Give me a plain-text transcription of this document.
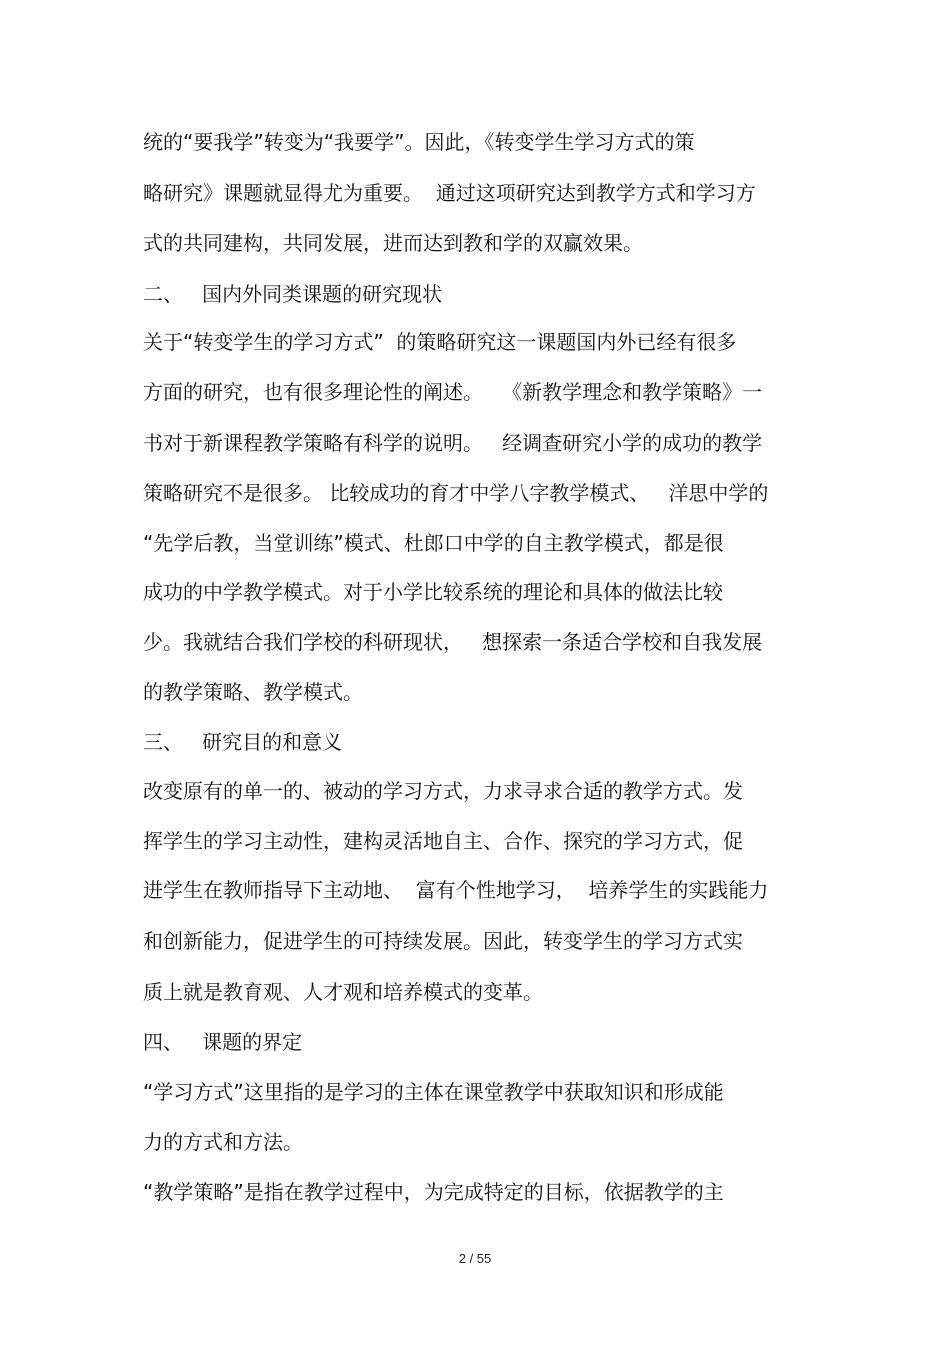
统的“要我学”转变为“我要学”。因此，《转变学生学习方式的策
略研究》课题就显得尤为重要。  通过这项研究达到教学方式和学习方
式的共同建构，共同发展，进而达到教和学的双赢效果。
二、   国内外同类课题的研究现状
关于“转变学生的学习方式”  的策略研究这一课题国内外已经有很多
方面的研究，也有很多理论性的阐述。   《新教学理念和教学策略》一
书对于新课程教学策略有科学的说明。   经调查研究小学的成功的教学
策略研究不是很多。 比较成功的育才中学八字教学模式、   洋思中学的
“先学后教，当堂训练”模式、杜郎口中学的自主教学模式，都是很
成功的中学教学模式。对于小学比较系统的理论和具体的做法比较
少。我就结合我们学校的科研现状，   想探索一条适合学校和自我发展
的教学策略、教学模式。
三、   研究目的和意义
改变原有的单一的、被动的学习方式，力求寻求合适的教学方式。发
挥学生的学习主动性，建构灵活地自主、合作、探究的学习方式，促
进学生在教师指导下主动地、  富有个性地学习，  培养学生的实践能力
和创新能力，促进学生的可持续发展。因此，转变学生的学习方式实
质上就是教育观、人才观和培养模式的变革。
四、   课题的界定
“学习方式”这里指的是学习的主体在课堂教学中获取知识和形成能
力的方式和方法。
“教学策略”是指在教学过程中，为完成特定的目标，依据教学的主
2 / 55
